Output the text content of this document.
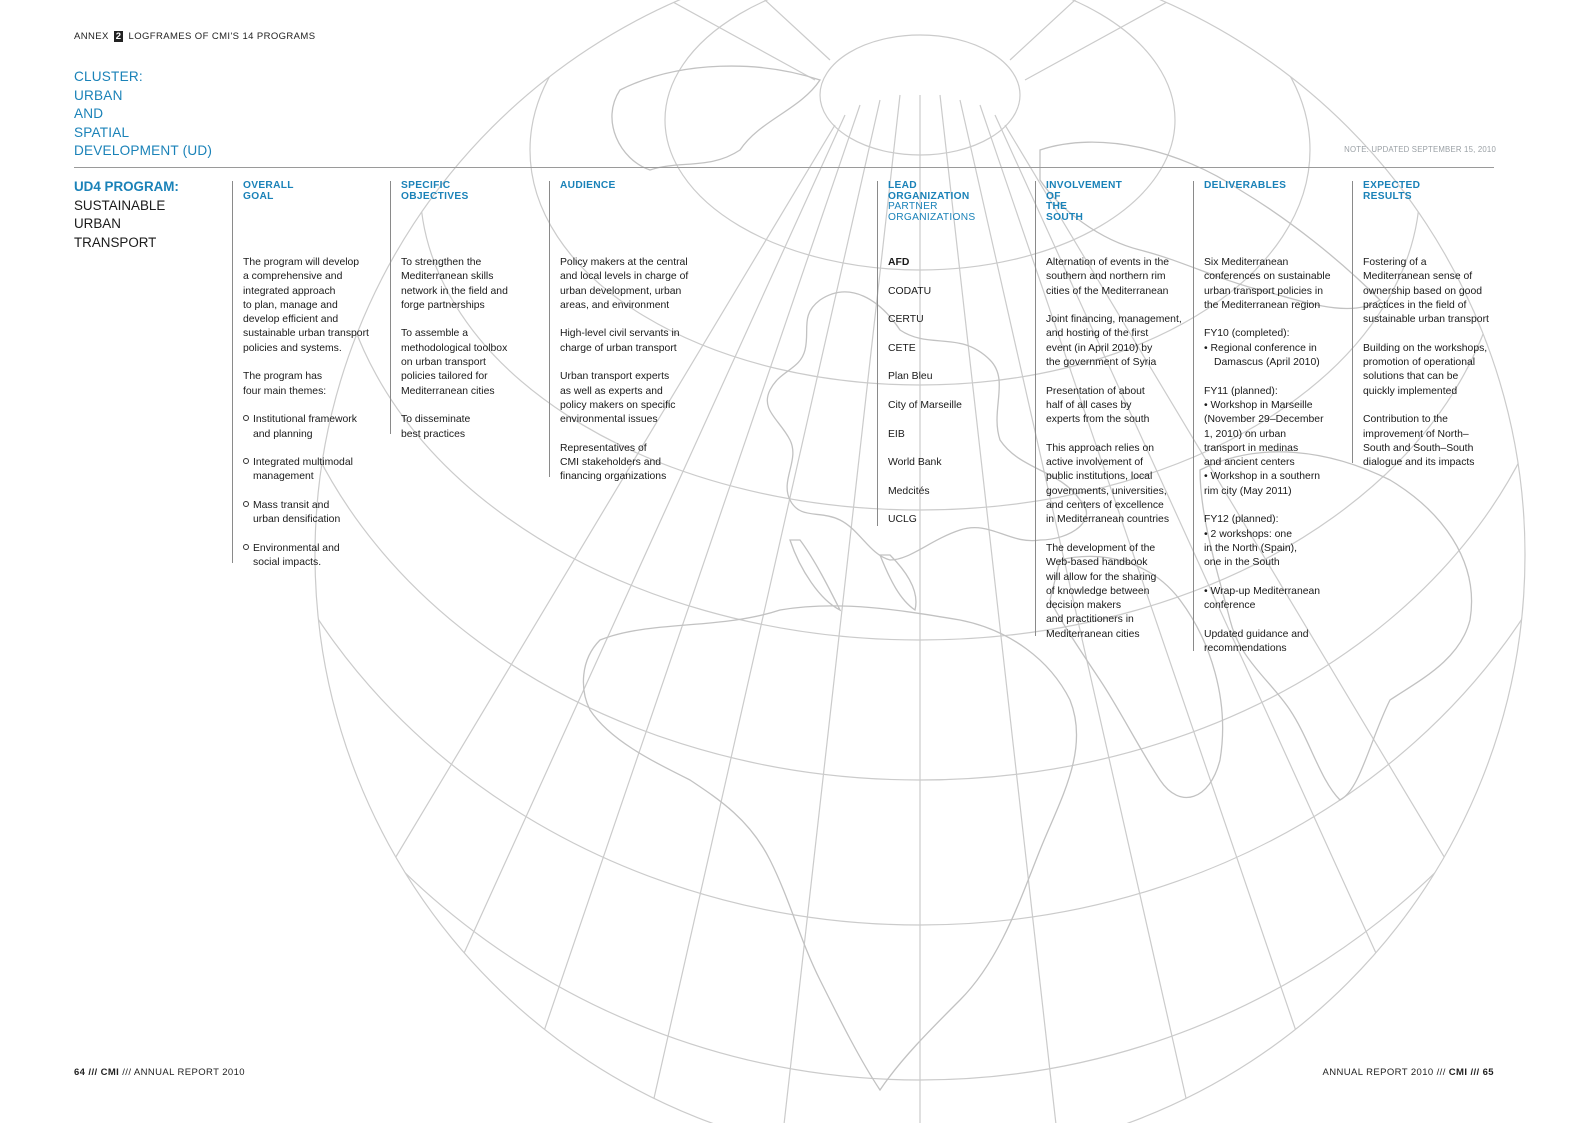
ANNEX 2 LOGFRAMES OF CMI'S 14 PROGRAMS
CLUSTER:
URBAN
AND
SPATIAL
DEVELOPMENT (UD)	NOTE: UPDATED SEPTEMBER 15, 2010
UD4 PROGRAM:
SUSTAINABLE
URBAN
TRANSPORT
OVERALL
GOAL
The program will develop
a comprehensive and
integrated approach
to plan, manage and
develop efficient and
sustainable urban transport
policies and systems.
The program has
four main themes:
Institutional framework
and planning
Integrated multimodal
management
Mass transit and
urban densification
Environmental and
social impacts.
SPECIFIC
OBJECTIVES
To strengthen the
Mediterranean skills
network in the field and
forge partnerships
To assemble a
methodological toolbox
on urban transport
policies tailored for
Mediterranean cities
To disseminate
best practices
AUDIENCE
Policy makers at the central
and local levels in charge of
urban development, urban
areas, and environment
High-level civil servants in
charge of urban transport
Urban transport experts
as well as experts and
policy makers on specific
environmental issues
Representatives of
CMI stakeholders and
financing organizations
LEAD
ORGANIZATION
PARTNER
ORGANIZATIONS
AFD
CODATU
CERTU
CETE
Plan Bleu
City of Marseille
EIB
World Bank
Medcités
UCLG
INVOLVEMENT
OF
THE
SOUTH
Alternation of events in the
southern and northern rim
cities of the Mediterranean
Joint financing, management,
and hosting of the first
event (in April 2010) by
the government of Syria
Presentation of about
half of all cases by
experts from the south
This approach relies on
active involvement of
public institutions, local
governments, universities,
and centers of excellence
in Mediterranean countries
The development of the
Web-based handbook
will allow for the sharing
of knowledge between
decision makers
and practitioners in
Mediterranean cities
DELIVERABLES
Six Mediterranean
conferences on sustainable
urban transport policies in
the Mediterranean region
FY10 (completed):
• Regional conference in
Damascus (April 2010)
FY11 (planned):
• Workshop in Marseille
(November 29–December
1, 2010) on urban
transport in medinas
and ancient centers
• Workshop in a southern
rim city (May 2011)
FY12 (planned):
• 2 workshops: one
in the North (Spain),
one in the South
• Wrap-up Mediterranean
conference
Updated guidance and
recommendations
EXPECTED
RESULTS
Fostering of a
Mediterranean sense of
ownership based on good
practices in the field of
sustainable urban transport
Building on the workshops,
promotion of operational
solutions that can be
quickly implemented
Contribution to the
improvement of North–
South and South–South
dialogue and its impacts
64 /// CMI /// ANNUAL REPORT 2010	ANNUAL REPORT 2010 /// CMI /// 65
